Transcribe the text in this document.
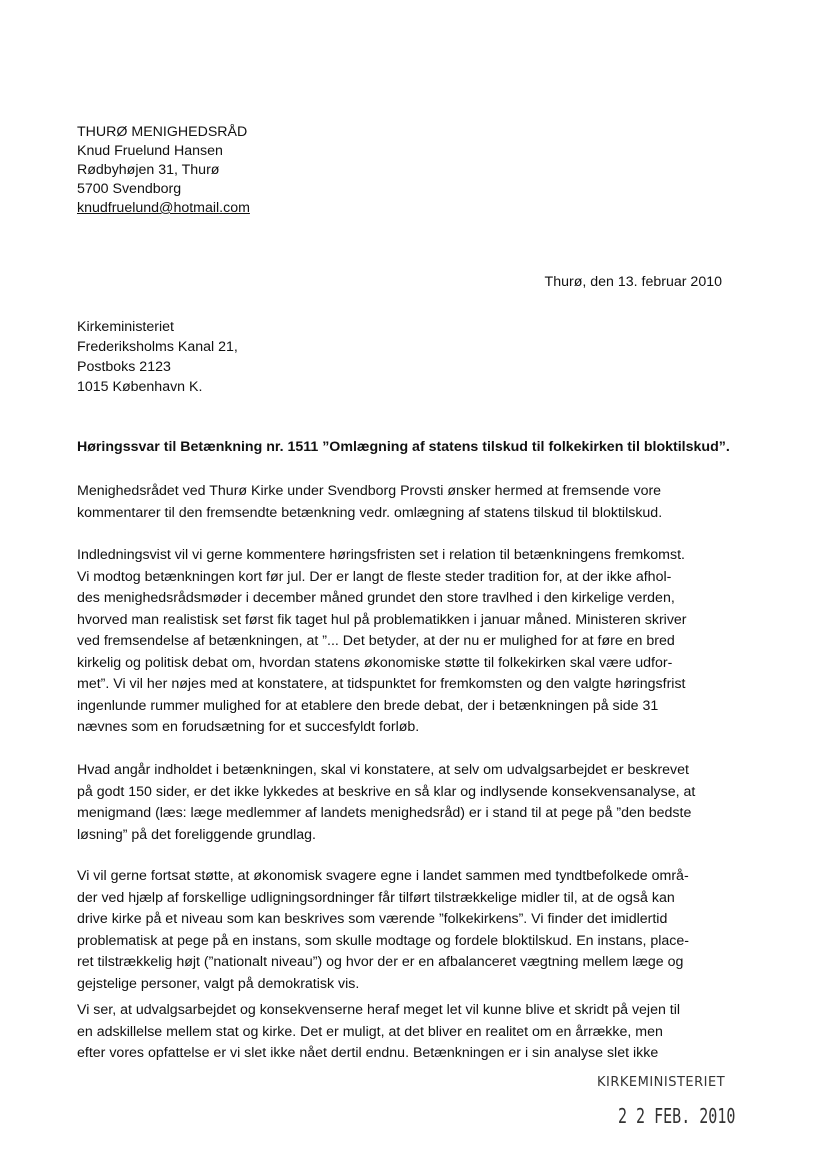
THURØ MENIGHEDSRÅD
Knud Fruelund Hansen
Rødbyhøjen 31, Thurø
5700 Svendborg
knudfruelund@hotmail.com
Thurø, den 13. februar 2010
Kirkeministeriet
Frederiksholms Kanal 21,
Postboks 2123
1015 København K.
Høringssvar til Betænkning nr. 1511 ”Omlægning af statens tilskud til folkekirken til bloktilskud”.
Menighedsrådet ved Thurø Kirke under Svendborg Provsti ønsker hermed at fremsende vore
kommentarer til den fremsendte betænkning vedr. omlægning af statens tilskud til bloktilskud.
Indledningsvist vil vi gerne kommentere høringsfristen set i relation til betænkningens fremkomst.
Vi modtog betænkningen kort før jul. Der er langt de fleste steder tradition for, at der ikke afhol-
des menighedsrådsmøder i december måned grundet den store travlhed i den kirkelige verden,
hvorved man realistisk set først fik taget hul på problematikken i januar måned. Ministeren skriver
ved fremsendelse af betænkningen, at ”... Det betyder, at der nu er mulighed for at føre en bred
kirkelig og politisk debat om, hvordan statens økonomiske støtte til folkekirken skal være udfor-
met”. Vi vil her nøjes med at konstatere, at tidspunktet for fremkomsten og den valgte høringsfrist
ingenlunde rummer mulighed for at etablere den brede debat, der i betænkningen på side 31
nævnes som en forudsætning for et succesfyldt forløb.
Hvad angår indholdet i betænkningen, skal vi konstatere, at selv om udvalgsarbejdet er beskrevet
på godt 150 sider, er det ikke lykkedes at beskrive en så klar og indlysende konsekvensanalyse, at
menigmand (læs: læge medlemmer af landets menighedsråd) er i stand til at pege på ”den bedste
løsning” på det foreliggende grundlag.
Vi vil gerne fortsat støtte, at økonomisk svagere egne i landet sammen med tyndtbefolkede områ-
der ved hjælp af forskellige udligningsordninger får tilført tilstrækkelige midler til, at de også kan
drive kirke på et niveau som kan beskrives som værende ”folkekirkens”. Vi finder det imidlertid
problematisk at pege på en instans, som skulle modtage og fordele bloktilskud. En instans, place-
ret tilstrækkelig højt (”nationalt niveau”) og hvor der er en afbalanceret vægtning mellem læge og
gejstelige personer, valgt på demokratisk vis.
Vi ser, at udvalgsarbejdet og konsekvenserne heraf meget let vil kunne blive et skridt på vejen til
en adskillelse mellem stat og kirke. Det er muligt, at det bliver en realitet om en årrække, men
efter vores opfattelse er vi slet ikke nået dertil endnu. Betænkningen er i sin analyse slet ikke
KIRKEMINISTERIET
2 2 FEB. 2010
